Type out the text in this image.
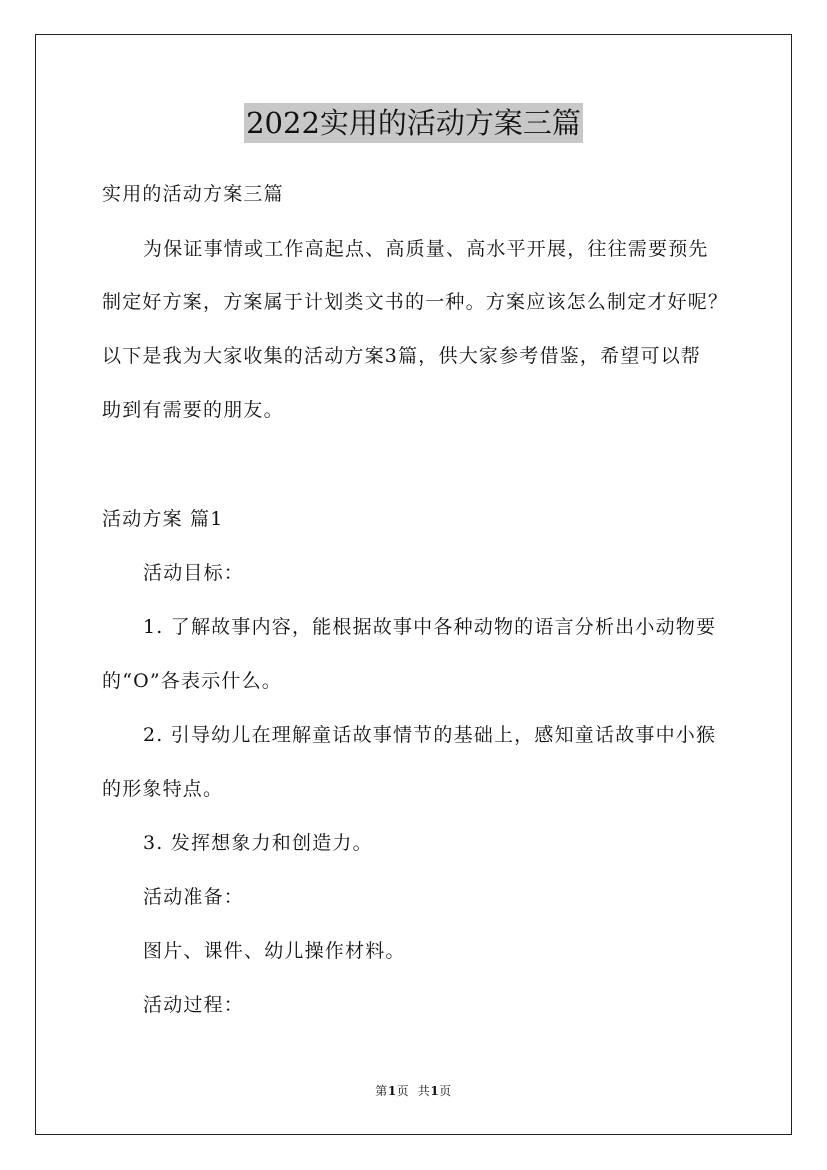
2022实用的活动方案三篇
实用的活动方案三篇
为保证事情或工作高起点、高质量、高水平开展，往往需要预先
制定好方案，方案属于计划类文书的一种。方案应该怎么制定才好呢？
以下是我为大家收集的活动方案3篇，供大家参考借鉴，希望可以帮
助到有需要的朋友。
活动方案 篇1
活动目标：
1. 了解故事内容，能根据故事中各种动物的语言分析出小动物要
的“O”各表示什么。
2. 引导幼儿在理解童话故事情节的基础上，感知童话故事中小猴
的形象特点。
3. 发挥想象力和创造力。
活动准备：
图片、课件、幼儿操作材料。
活动过程：
第1页  共1页
